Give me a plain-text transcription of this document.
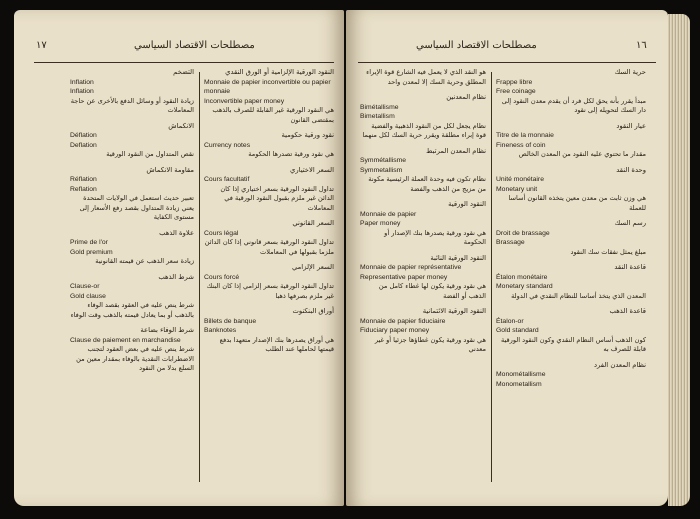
١٧	مصطلحات الاقتصاد السياسي
التضخم
Inflation
Inflation
زيادة النقود أو وسائل الدفع بالأخرى عن حاجة المعاملات
الانكماش
Déflation
Deflation
نقص المتداول من النقود الورقية
مقاومة الانكماش
Réflation
Reflation
تعبير حديث استعمل في الولايات المتحدة يعني زيادة المتداول بقصد رفع الأسعار إلى مستوى الكفاية
علاوة الذهب
Prime de l'or
Gold premium
زيادة سعر الذهب عن قيمته القانونية
شرط الذهب
Clause-or
Gold clause
شرط ينص عليه في العقود بقصد الوفاء بالذهب أو بما يعادل قيمته بالذهب وقت الوفاء
شرط الوفاء بضاعة
Clause de paiement en marchandise
شرط ينص عليه في بعض العقود لتجنب الاضطرابات النقدية بالوفاء بمقدار معين من السلع بدلا من النقود
النقود الورقية الإلزامية أو الورق النقدي
Monnaie de papier inconvertible ou papier monnaie
Inconvertible paper money
هي النقود الورقية غير القابلة للصرف بالذهب بمقتضى القانون
نقود ورقية حكومية
Currency notes
هي نقود ورقية تصدرها الحكومة
السعر الاختياري
Cours facultatif
تداول النقود الورقية بسعر اختياري إذا كان الدائن غير ملزم بقبول النقود الورقية في المعاملات
السعر القانوني
Cours légal
تداول النقود الورقية بسعر قانوني إذا كان الدائن ملزما بقبولها في المعاملات
السعر الإلزامي
Cours forcé
تداول النقود الورقية بسعر إلزامي إذا كان البنك غير ملزم بصرفها ذهبا
أوراق البنكنوت
Billets de banque
Banknotes
هي أوراق يصدرها بنك الإصدار متعهدا بدفع قيمتها لحاملها عند الطلب
مصطلحات الاقتصاد السياسي	١٦
هو النقد الذي لا يعمل فيه الشارع قوة الإبراء المطلق وحرية السك إلا لمعدن واحد
نظام المعدنين
Bimétallisme
Bimetallism
نظام يجعل لكل من النقود الذهبية والفضية قوة إبراء مطلقة ويقرر حرية السك لكل منهما
نظام المعدن المرتبط
Symmétallisme
Symmetallism
نظام تكون فيه وحدة العملة الرئيسية مكونة من مزيج من الذهب والفضة
النقود الورقية
Monnaie de papier
Paper money
هي نقود ورقية يصدرها بنك الإصدار أو الحكومة
النقود الورقية النائبة
Monnaie de papier représentative
Representative paper money
هي نقود ورقية يكون لها غطاء كامل من الذهب أو الفضة
النقود الورقية الائتمانية
Monnaie de papier fiduciaire
Fiduciary paper money
هي نقود ورقية يكون غطاؤها جزئيا أو غير معدني
حرية السك
Frappe libre
Free coinage
مبدأ يقرر بأنه يحق لكل فرد أن يقدم معدن النقود إلى دار السك لتحويله إلى نقود
عيار النقود
Titre de la monnaie
Fineness of coin
مقدار ما تحتوي عليه النقود من المعدن الخالص
وحدة النقد
Unité monétaire
Monetary unit
هي وزن ثابت من معدن معين يتخذه القانون أساسا للعملة
رسم السك
Droit de brassage
Brassage
مبلغ يمثل نفقات سك النقود
قاعدة النقد
Étalon monétaire
Monetary standard
المعدن الذي يتخذ أساسا للنظام النقدي في الدولة
قاعدة الذهب
Étalon-or
Gold standard
كون الذهب أساس النظام النقدي وكون النقود الورقية قابلة للصرف به
نظام المعدن الفرد
Monométallisme
Monometallism
